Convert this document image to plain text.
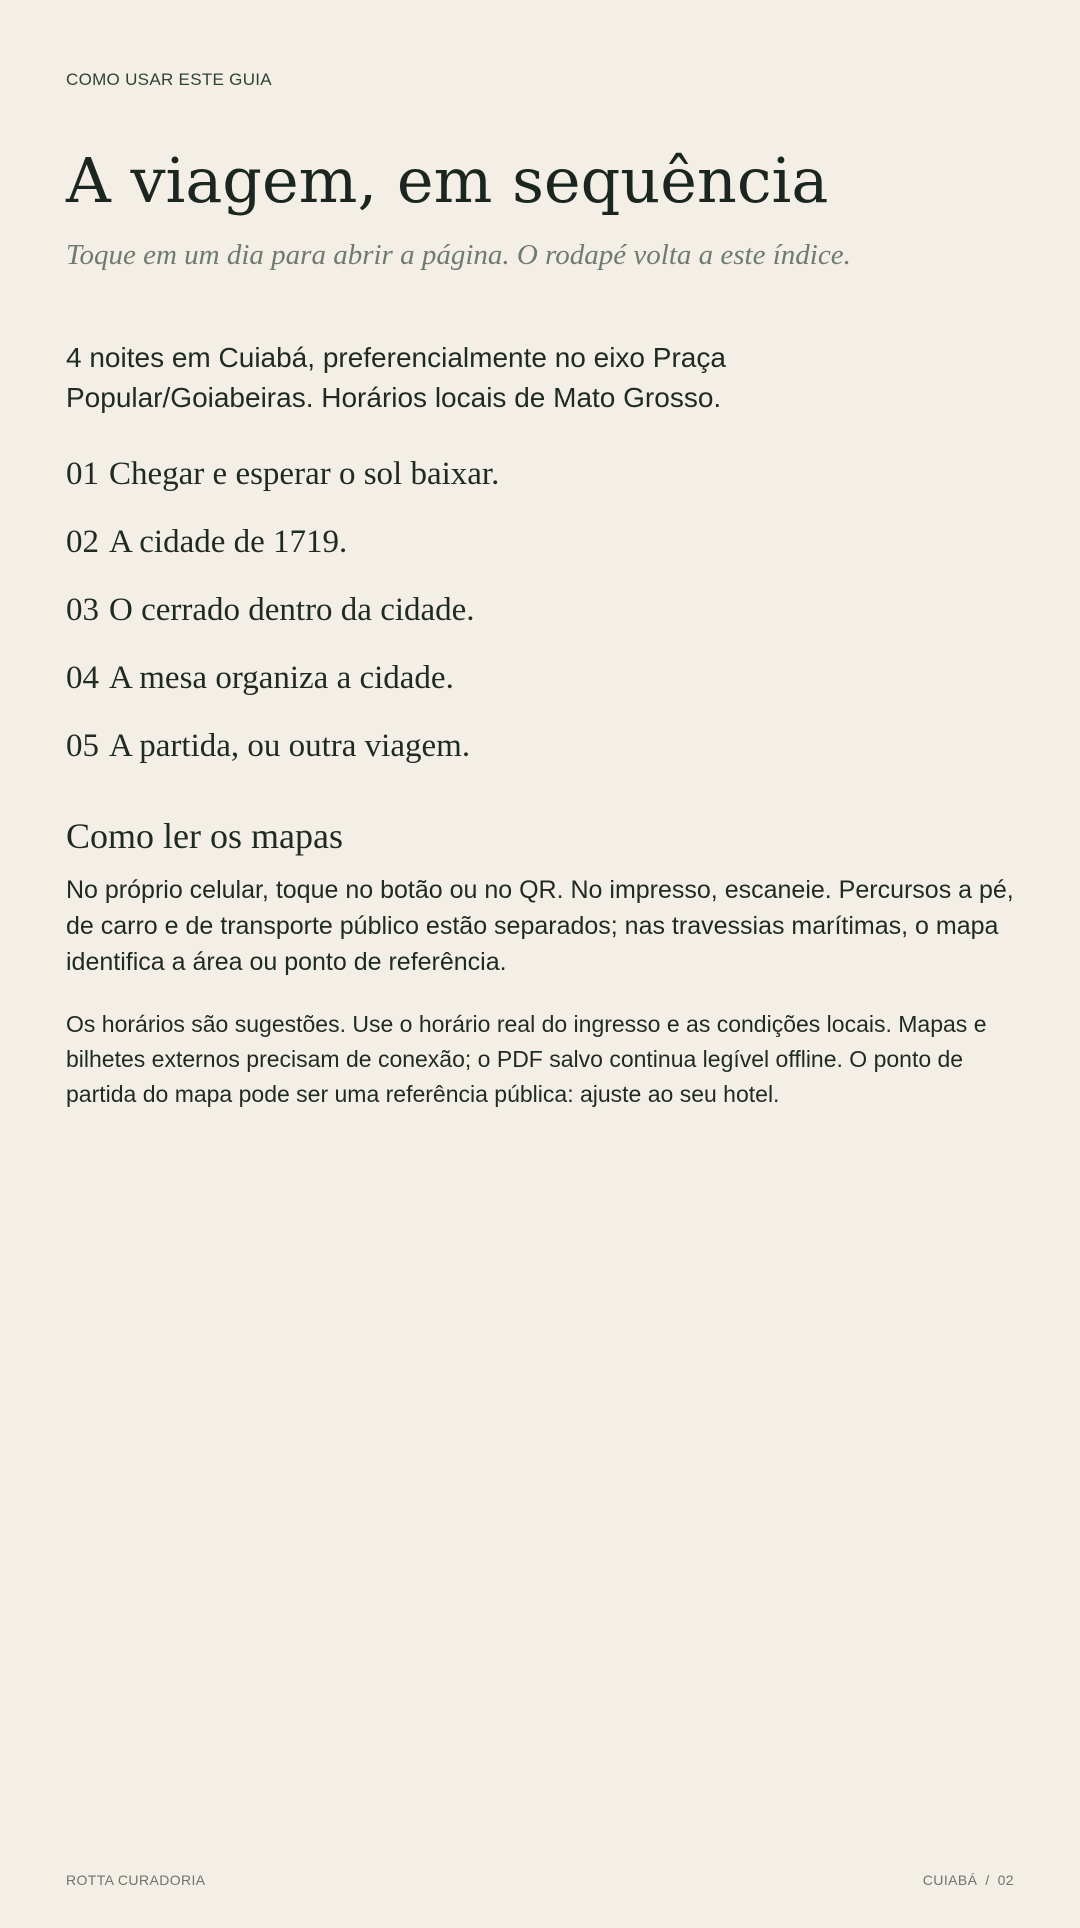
COMO USAR ESTE GUIA
A viagem, em sequência
Toque em um dia para abrir a página. O rodapé volta a este índice.

4 noites em Cuiabá, preferencialmente no eixo Praça Popular/Goiabeiras. Horários locais de Mato Grosso.

01 Chegar e esperar o sol baixar.
02 A cidade de 1719.
03 O cerrado dentro da cidade.
04 A mesa organiza a cidade.
05 A partida, ou outra viagem.
Como ler os mapas

No próprio celular, toque no botão ou no QR. No impresso, escaneie. Percursos a pé, de carro e de transporte público estão separados; nas travessias marítimas, o mapa identifica a área ou ponto de referência.

Os horários são sugestões. Use o horário real do ingresso e as condições locais. Mapas e bilhetes externos precisam de conexão; o PDF salvo continua legível offline. O ponto de partida do mapa pode ser uma referência pública: ajuste ao seu hotel.

ROTTA CURADORIA	CUIABÁ / 02
